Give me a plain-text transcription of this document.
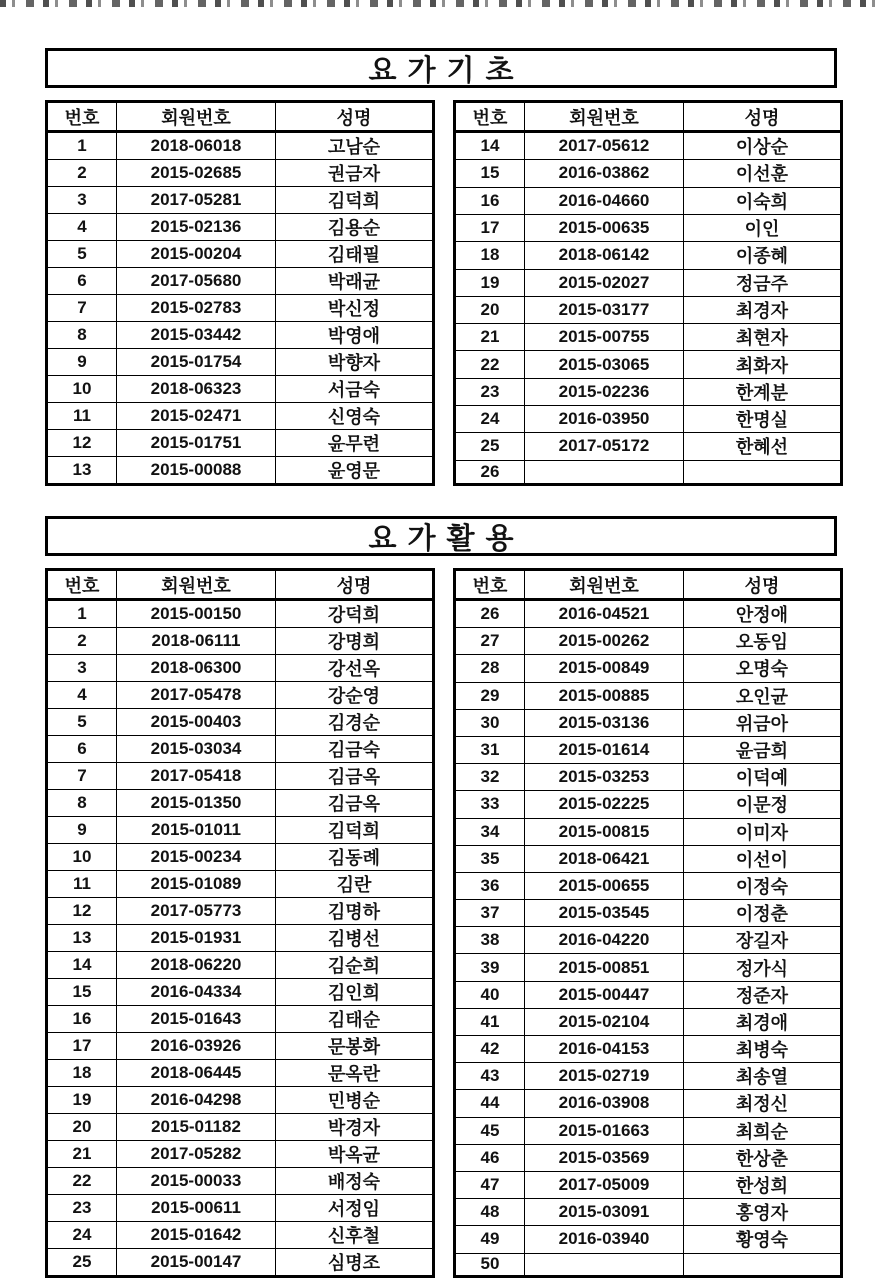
요가기초
번호	회원번호	성명
1	2018-06018	고남순
2	2015-02685	권금자
3	2017-05281	김덕희
4	2015-02136	김용순
5	2015-00204	김태필
6	2017-05680	박래균
7	2015-02783	박신정
8	2015-03442	박영애
9	2015-01754	박향자
10	2018-06323	서금숙
11	2015-02471	신영숙
12	2015-01751	윤무련
13	2015-00088	윤영문
번호	회원번호	성명
14	2017-05612	이상순
15	2016-03862	이선훈
16	2016-04660	이숙희
17	2015-00635	이인
18	2018-06142	이종혜
19	2015-02027	정금주
20	2015-03177	최경자
21	2015-00755	최현자
22	2015-03065	최화자
23	2015-02236	한계분
24	2016-03950	한명실
25	2017-05172	한혜선
26		
요가활용
번호	회원번호	성명
1	2015-00150	강덕희
2	2018-06111	강명희
3	2018-06300	강선옥
4	2017-05478	강순영
5	2015-00403	김경순
6	2015-03034	김금숙
7	2017-05418	김금옥
8	2015-01350	김금옥
9	2015-01011	김덕희
10	2015-00234	김동례
11	2015-01089	김란
12	2017-05773	김명하
13	2015-01931	김병선
14	2018-06220	김순희
15	2016-04334	김인희
16	2015-01643	김태순
17	2016-03926	문봉화
18	2018-06445	문옥란
19	2016-04298	민병순
20	2015-01182	박경자
21	2017-05282	박옥균
22	2015-00033	배정숙
23	2015-00611	서정임
24	2015-01642	신후철
25	2015-00147	심명조
번호	회원번호	성명
26	2016-04521	안정애
27	2015-00262	오동임
28	2015-00849	오명숙
29	2015-00885	오인균
30	2015-03136	위금아
31	2015-01614	윤금희
32	2015-03253	이덕예
33	2015-02225	이문정
34	2015-00815	이미자
35	2018-06421	이선이
36	2015-00655	이정숙
37	2015-03545	이정춘
38	2016-04220	장길자
39	2015-00851	정가식
40	2015-00447	정준자
41	2015-02104	최경애
42	2016-04153	최병숙
43	2015-02719	최송열
44	2016-03908	최정신
45	2015-01663	최희순
46	2015-03569	한상춘
47	2017-05009	한성희
48	2015-03091	홍영자
49	2016-03940	황영숙
50		
